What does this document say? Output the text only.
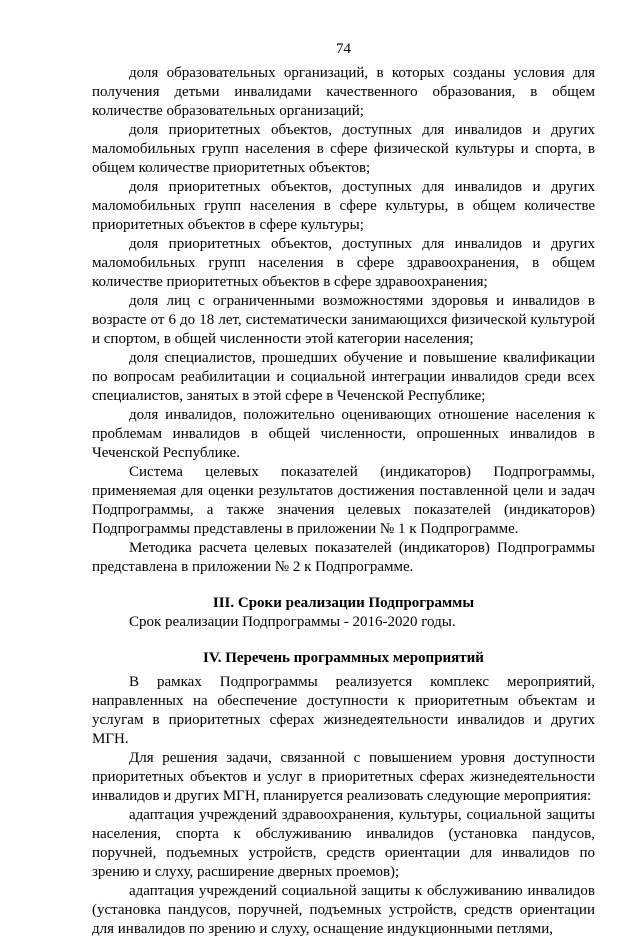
74

доля образовательных организаций, в которых созданы условия для получения детьми инвалидами качественного образования, в общем количестве образовательных организаций;

доля приоритетных объектов, доступных для инвалидов и других маломобильных групп населения в сфере физической культуры и спорта, в общем количестве приоритетных объектов;

доля приоритетных объектов, доступных для инвалидов и других маломобильных групп населения в сфере культуры, в общем количестве приоритетных объектов в сфере культуры;

доля приоритетных объектов, доступных для инвалидов и других маломобильных групп населения в сфере здравоохранения, в общем количестве приоритетных объектов в сфере здравоохранения;

доля лиц с ограниченными возможностями здоровья и инвалидов в возрасте от 6 до 18 лет, систематически занимающихся физической культурой и спортом, в общей численности этой категории населения;

доля специалистов, прошедших обучение и повышение квалификации по вопросам реабилитации и социальной интеграции инвалидов среди всех специалистов, занятых в этой сфере в Чеченской Республике;

доля инвалидов, положительно оценивающих отношение населения к проблемам инвалидов в общей численности, опрошенных инвалидов в Чеченской Республике.

Система целевых показателей (индикаторов) Подпрограммы, применяемая для оценки результатов достижения поставленной цели и задач Подпрограммы, а также значения целевых показателей (индикаторов) Подпрограммы представлены в приложении № 1 к Подпрограмме.

Методика расчета целевых показателей (индикаторов) Подпрограммы представлена в приложении № 2 к Подпрограмме.

III. Сроки реализации Подпрограммы

Срок реализации Подпрограммы - 2016-2020 годы.

IV. Перечень программных мероприятий

В рамках Подпрограммы реализуется комплекс мероприятий, направленных на обеспечение доступности к приоритетным объектам и услугам в приоритетных сферах жизнедеятельности инвалидов и других МГН.

Для решения задачи, связанной с повышением уровня доступности приоритетных объектов и услуг в приоритетных сферах жизнедеятельности инвалидов и других МГН, планируется реализовать следующие мероприятия:

адаптация учреждений здравоохранения, культуры, социальной защиты населения, спорта к обслуживанию инвалидов (установка пандусов, поручней, подъемных устройств, средств ориентации для инвалидов по зрению и слуху, расширение дверных проемов);

адаптация учреждений социальной защиты к обслуживанию инвалидов (установка пандусов, поручней, подъемных устройств, средств ориентации для инвалидов по зрению и слуху, оснащение индукционными петлями,
